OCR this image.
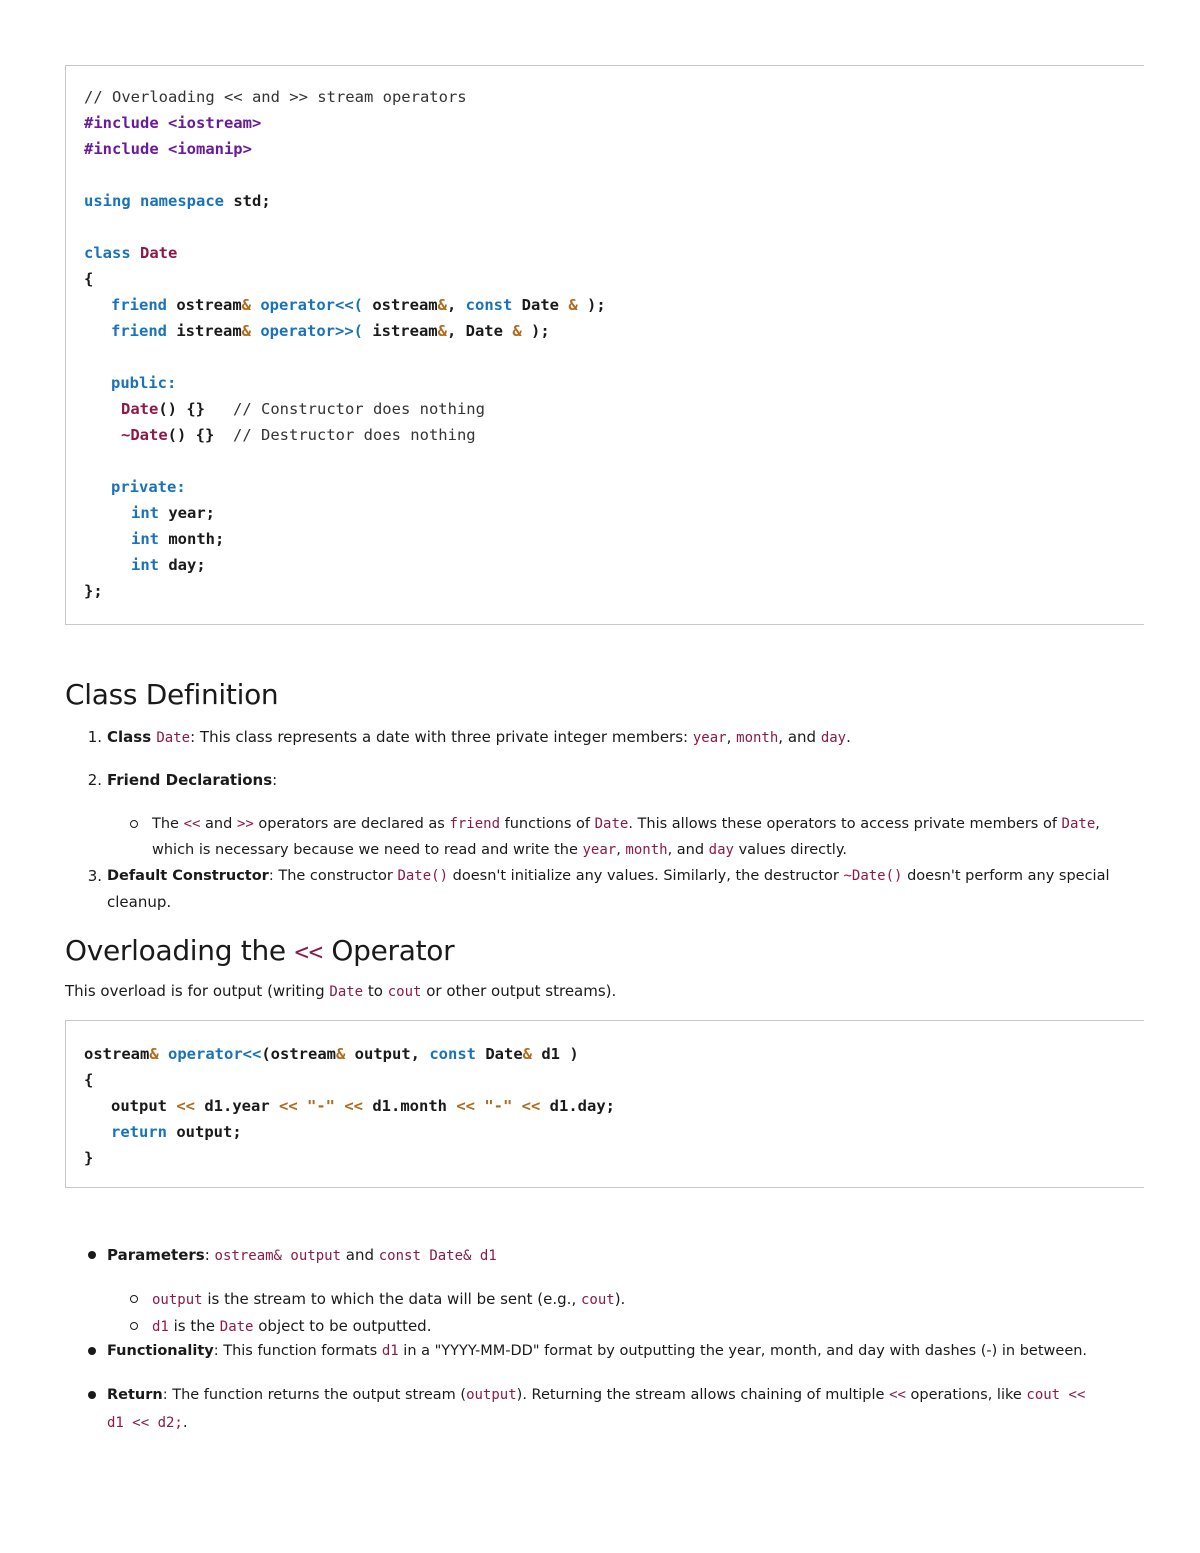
// Overloading << and >> stream operators
#include <iostream>
#include <iomanip>
using namespace std;
class Date
{
friend ostream& operator<<( ostream&, const Date & );
friend istream& operator>>( istream&, Date & );
public:
Date() {}   // Constructor does nothing
~Date() {}  // Destructor does nothing
private:
int year;
int month;
int day;
};
Class Definition
1. Class Date: This class represents a date with three private integer members: year, month, and day.
2. Friend Declarations:
The << and >> operators are declared as friend functions of Date. This allows these operators to access private members of Date,
which is necessary because we need to read and write the year, month, and day values directly.
3. Default Constructor: The constructor Date() doesn't initialize any values. Similarly, the destructor ~Date() doesn't perform any special
cleanup.
Overloading the << Operator
This overload is for output (writing Date to cout or other output streams).
ostream& operator<<(ostream& output, const Date& d1 )
{
output << d1.year << "-" << d1.month << "-" << d1.day;
return output;
}
Parameters: ostream& output and const Date& d1
output is the stream to which the data will be sent (e.g., cout).
d1 is the Date object to be outputted.
Functionality: This function formats d1 in a "YYYY-MM-DD" format by outputting the year, month, and day with dashes (-) in between.
Return: The function returns the output stream (output). Returning the stream allows chaining of multiple << operations, like cout <<
d1 << d2;.
